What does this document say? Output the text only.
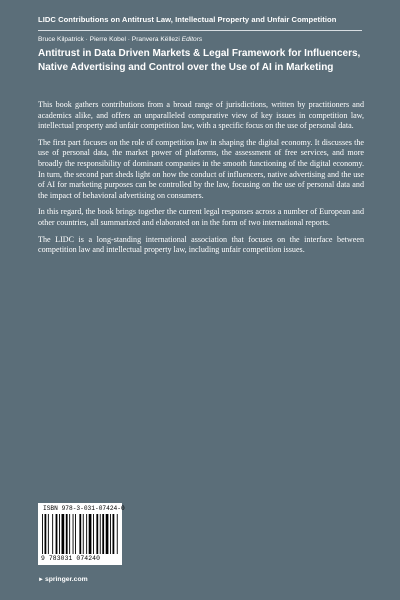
LIDC Contributions on Antitrust Law, Intellectual Property and Unfair Competition
Bruce Kilpatrick · Pierre Kobel · Pranvera Këllezi Editors
Antitrust in Data Driven Markets & Legal Framework for Influencers,
Native Advertising and Control over the Use of AI in Marketing

This book gathers contributions from a broad range of jurisdictions, written by practitioners and academics alike, and offers an unparalleled comparative view of key issues in competition law, intellectual property and unfair competition law, with a specific focus on the use of personal data.

The first part focuses on the role of competition law in shaping the digital economy. It discusses the use of personal data, the market power of platforms, the assessment of free services, and more broadly the responsibility of dominant companies in the smooth functioning of the digital economy. In turn, the second part sheds light on how the conduct of influencers, native advertising and the use of AI for marketing purposes can be controlled by the law, focusing on the use of personal data and the impact of behavioral advertising on consumers.

In this regard, the book brings together the current legal responses across a number of European and other countries, all summarized and elaborated on in the form of two international reports.

The LIDC is a long-standing international association that focuses on the interface between competition law and intellectual property law, including unfair competition issues.

ISBN 978-3-031-07424-0
9 783031 074240
►springer.com
